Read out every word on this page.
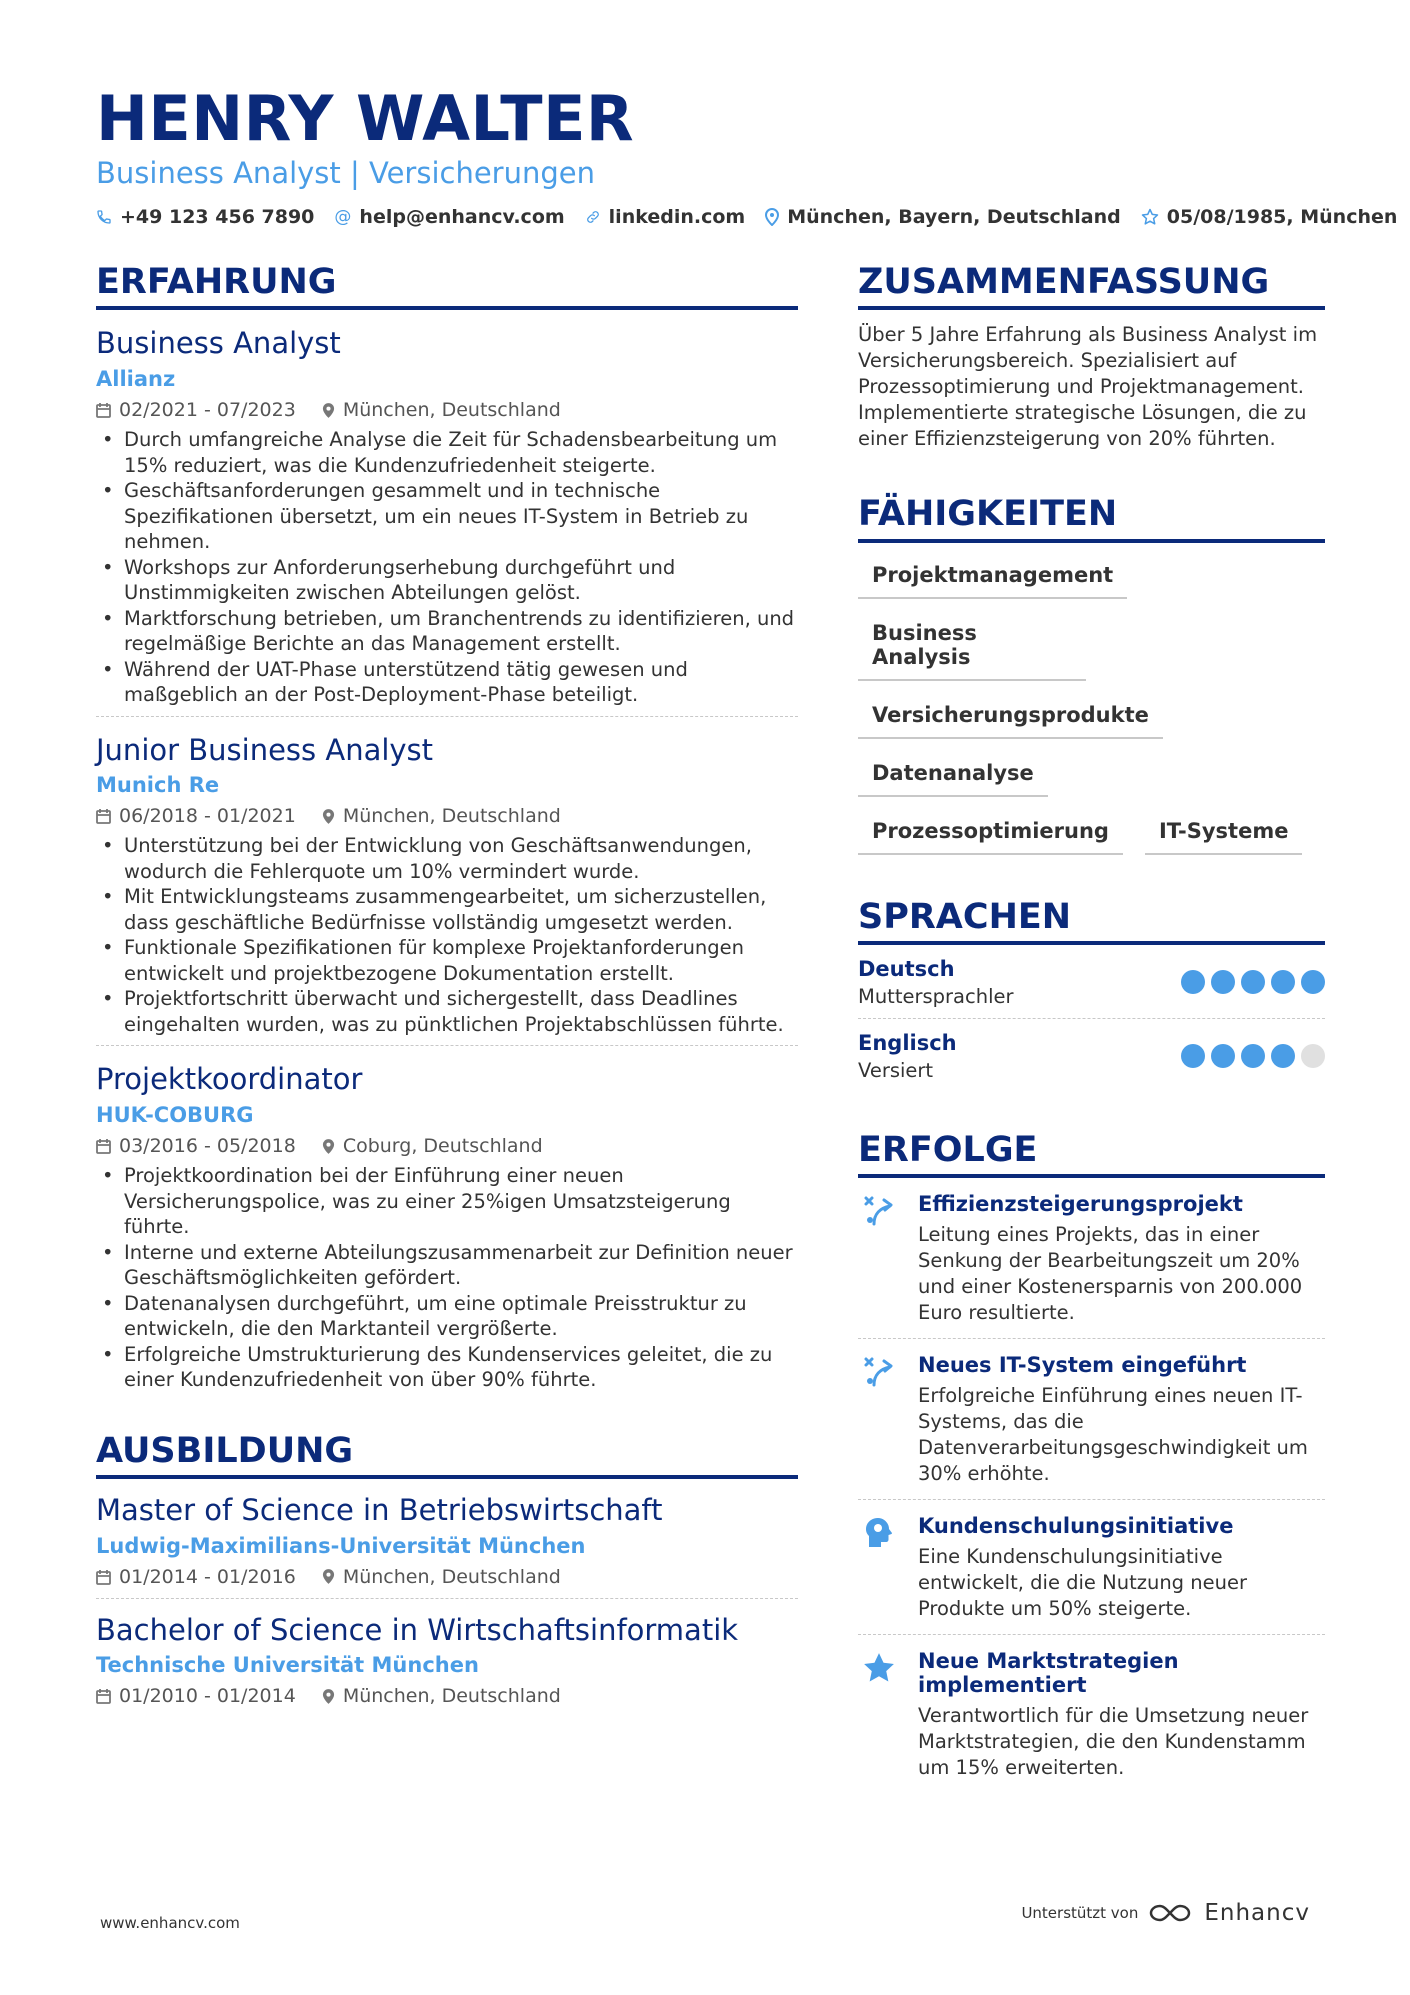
HENRY WALTER
Business Analyst | Versicherungen
+49 123 456 7890 @ help@enhancv.com linkedin.com München, Bayern, Deutschland 05/08/1985, München
ERFAHRUNG
Business Analyst
Allianz
02/2021 - 07/2023 München, Deutschland
• Durch umfangreiche Analyse die Zeit für Schadensbearbeitung um 15% reduziert, was die Kundenzufriedenheit steigerte.
• Geschäftsanforderungen gesammelt und in technische Spezifikationen übersetzt, um ein neues IT-System in Betrieb zu nehmen.
• Workshops zur Anforderungserhebung durchgeführt und Unstimmigkeiten zwischen Abteilungen gelöst.
• Marktforschung betrieben, um Branchentrends zu identifizieren, und regelmäßige Berichte an das Management erstellt.
• Während der UAT-Phase unterstützend tätig gewesen und maßgeblich an der Post-Deployment-Phase beteiligt.
Junior Business Analyst
Munich Re
06/2018 - 01/2021 München, Deutschland
• Unterstützung bei der Entwicklung von Geschäftsanwendungen, wodurch die Fehlerquote um 10% vermindert wurde.
• Mit Entwicklungsteams zusammengearbeitet, um sicherzustellen, dass geschäftliche Bedürfnisse vollständig umgesetzt werden.
• Funktionale Spezifikationen für komplexe Projektanforderungen entwickelt und projektbezogene Dokumentation erstellt.
• Projektfortschritt überwacht und sichergestellt, dass Deadlines eingehalten wurden, was zu pünktlichen Projektabschlüssen führte.
Projektkoordinator
HUK-COBURG
03/2016 - 05/2018 Coburg, Deutschland
• Projektkoordination bei der Einführung einer neuen Versicherungspolice, was zu einer 25%igen Umsatzsteigerung führte.
• Interne und externe Abteilungszusammenarbeit zur Definition neuer Geschäftsmöglichkeiten gefördert.
• Datenanalysen durchgeführt, um eine optimale Preisstruktur zu entwickeln, die den Marktanteil vergrößerte.
• Erfolgreiche Umstrukturierung des Kundenservices geleitet, die zu einer Kundenzufriedenheit von über 90% führte.
AUSBILDUNG
Master of Science in Betriebswirtschaft
Ludwig-Maximilians-Universität München
01/2014 - 01/2016 München, Deutschland
Bachelor of Science in Wirtschaftsinformatik
Technische Universität München
01/2010 - 01/2014 München, Deutschland
ZUSAMMENFASSUNG
Über 5 Jahre Erfahrung als Business Analyst im Versicherungsbereich. Spezialisiert auf Prozessoptimierung und Projektmanagement. Implementierte strategische Lösungen, die zu einer Effizienzsteigerung von 20% führten.
FÄHIGKEITEN
Projektmanagement
Business Analysis
Versicherungsprodukte
Datenanalyse
Prozessoptimierung	IT-Systeme
SPRACHEN
Deutsch
Muttersprachler
Englisch
Versiert
ERFOLGE
Effizienzsteigerungsprojekt
Leitung eines Projekts, das in einer Senkung der Bearbeitungszeit um 20% und einer Kostenersparnis von 200.000 Euro resultierte.
Neues IT-System eingeführt
Erfolgreiche Einführung eines neuen IT-Systems, das die Datenverarbeitungsgeschwindigkeit um 30% erhöhte.
Kundenschulungsinitiative
Eine Kundenschulungsinitiative entwickelt, die die Nutzung neuer Produkte um 50% steigerte.
Neue Marktstrategien implementiert
Verantwortlich für die Umsetzung neuer Marktstrategien, die den Kundenstamm um 15% erweiterten.
www.enhancv.com
Unterstützt von	Enhancv
